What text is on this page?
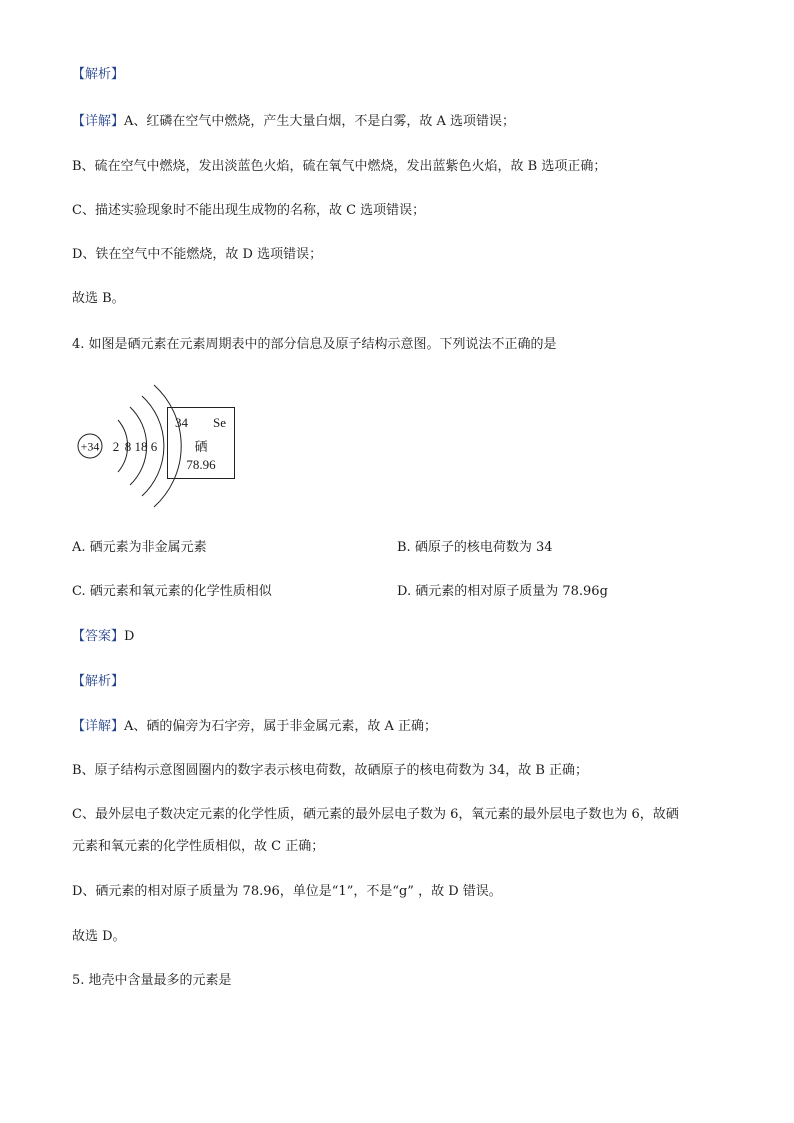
【解析】
【详解】A、红磷在空气中燃烧，产生大量白烟，不是白雾，故 A 选项错误；
B、硫在空气中燃烧，发出淡蓝色火焰，硫在氧气中燃烧，发出蓝紫色火焰，故 B 选项正确；
C、描述实验现象时不能出现生成物的名称，故 C 选项错误；
D、铁在空气中不能燃烧，故 D 选项错误；
故选 B。
4. 如图是硒元素在元素周期表中的部分信息及原子结构示意图。下列说法不正确的是
+34 2 8 18 6
34 Se
硒
78.96
A. 硒元素为非金属元素	B. 硒原子的核电荷数为 34
C. 硒元素和氧元素的化学性质相似	D. 硒元素的相对原子质量为 78.96g
【答案】D
【解析】
【详解】A、硒的偏旁为石字旁，属于非金属元素，故 A 正确；
B、原子结构示意图圆圈内的数字表示核电荷数，故硒原子的核电荷数为 34，故 B 正确；
C、最外层电子数决定元素的化学性质，硒元素的最外层电子数为 6，氧元素的最外层电子数也为 6，故硒
元素和氧元素的化学性质相似，故 C 正确；
D、硒元素的相对原子质量为 78.96，单位是“1”，不是“g” ，故 D 错误。
故选 D。
5. 地壳中含量最多的元素是
